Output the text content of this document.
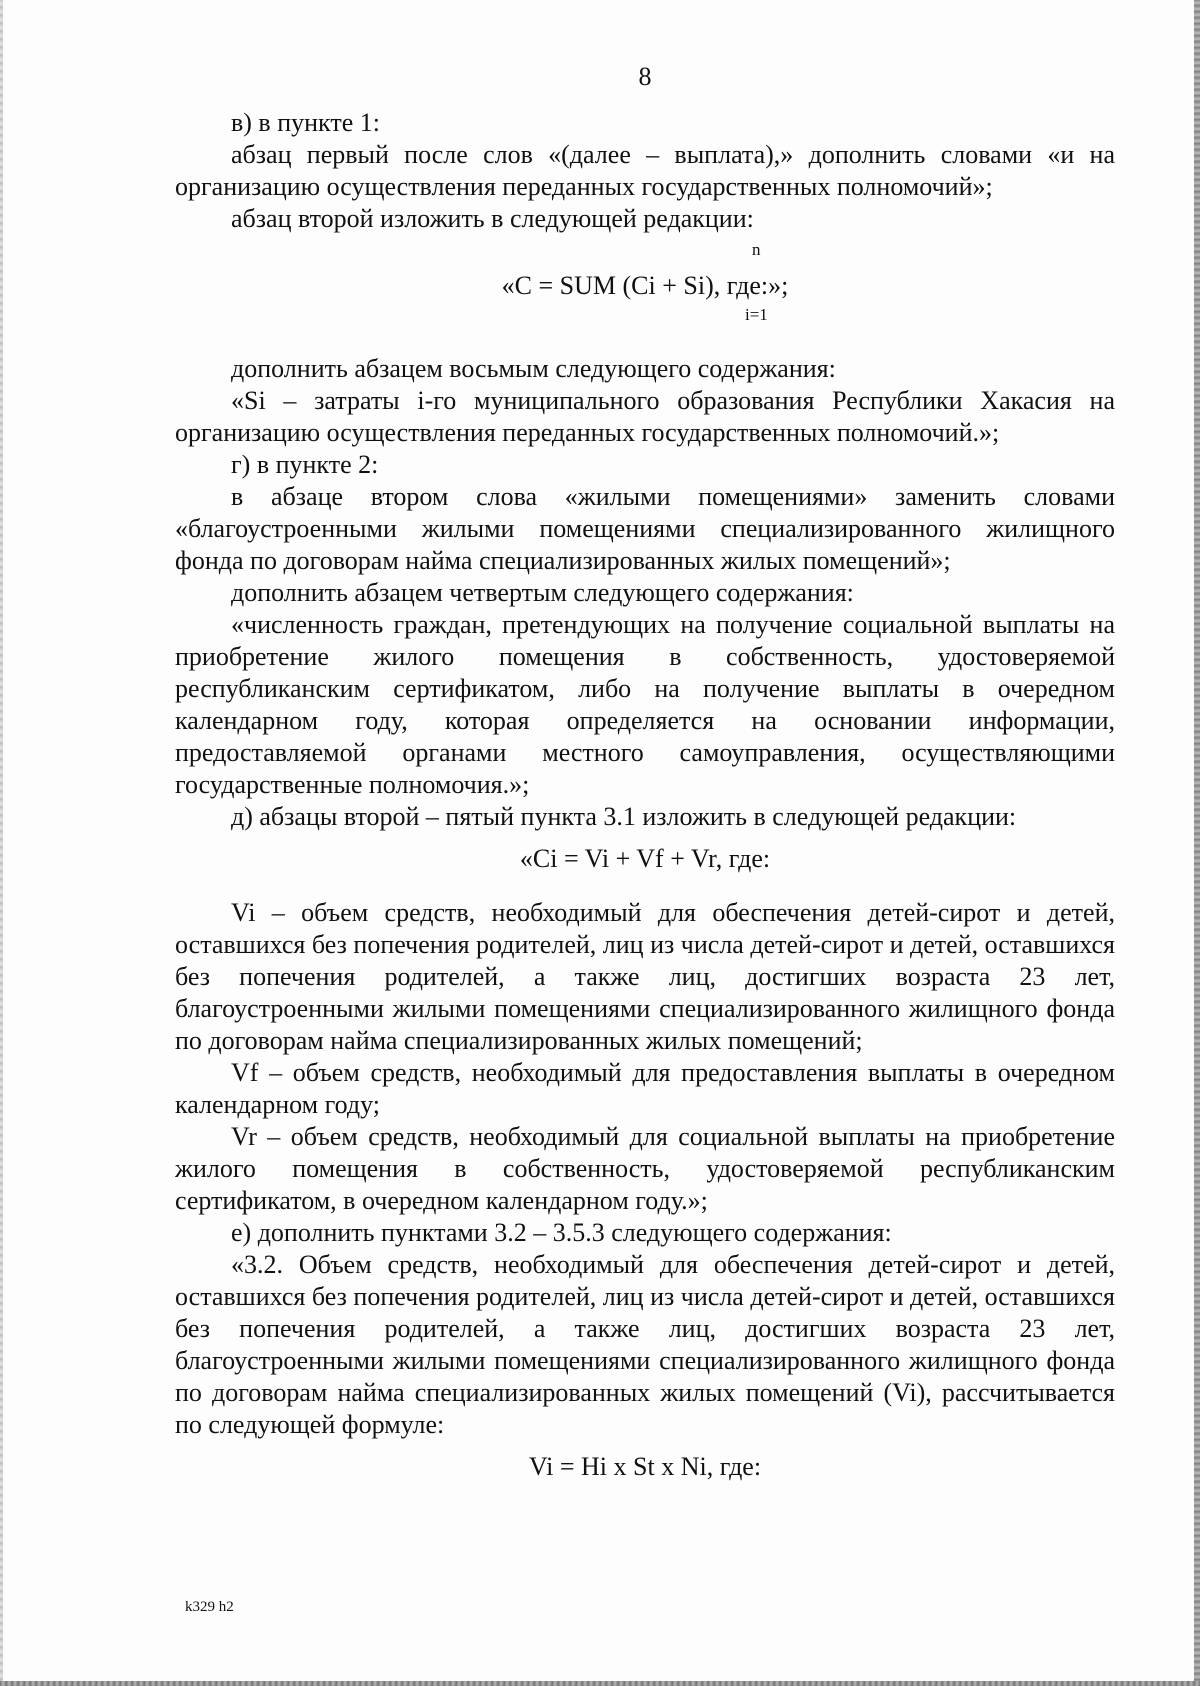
8

в) в пункте 1:

абзац первый после слов «(далее – выплата),» дополнить словами «и на организацию осуществления переданных государственных полномочий»;

абзац второй изложить в следующей редакции:

n
«C = SUM (Ci + Si), где:»;
i=1

дополнить абзацем восьмым следующего содержания:

«Si – затраты i-го муниципального образования Республики Хакасия на организацию осуществления переданных государственных полномочий.»;

г) в пункте 2:

в абзаце втором слова «жилыми помещениями» заменить словами «благоустроенными жилыми помещениями специализированного жилищного фонда по договорам найма специализированных жилых помещений»;

дополнить абзацем четвертым следующего содержания:

«численность граждан, претендующих на получение социальной выплаты на приобретение жилого помещения в собственность, удостоверяемой республиканским сертификатом, либо на получение выплаты в очередном календарном году, которая определяется на основании информации, предоставляемой органами местного самоуправления, осуществляющими государственные полномочия.»;

д) абзацы второй – пятый пункта 3.1 изложить в следующей редакции:

«Ci = Vi + Vf + Vr, где:

Vi – объем средств, необходимый для обеспечения детей-сирот и детей, оставшихся без попечения родителей, лиц из числа детей-сирот и детей, оставшихся без попечения родителей, а также лиц, достигших возраста 23 лет, благоустроенными жилыми помещениями специализированного жилищного фонда по договорам найма специализированных жилых помещений;

Vf – объем средств, необходимый для предоставления выплаты в очередном календарном году;

Vr – объем средств, необходимый для социальной выплаты на приобретение жилого помещения в собственность, удостоверяемой республиканским сертификатом, в очередном календарном году.»;

е) дополнить пунктами 3.2 – 3.5.3 следующего содержания:

«3.2. Объем средств, необходимый для обеспечения детей-сирот и детей, оставшихся без попечения родителей, лиц из числа детей-сирот и детей, оставшихся без попечения родителей, а также лиц, достигших возраста 23 лет, благоустроенными жилыми помещениями специализированного жилищного фонда по договорам найма специализированных жилых помещений (Vi), рассчитывается по следующей формуле:

Vi = Hi x St x Ni, где:

k329 h2
